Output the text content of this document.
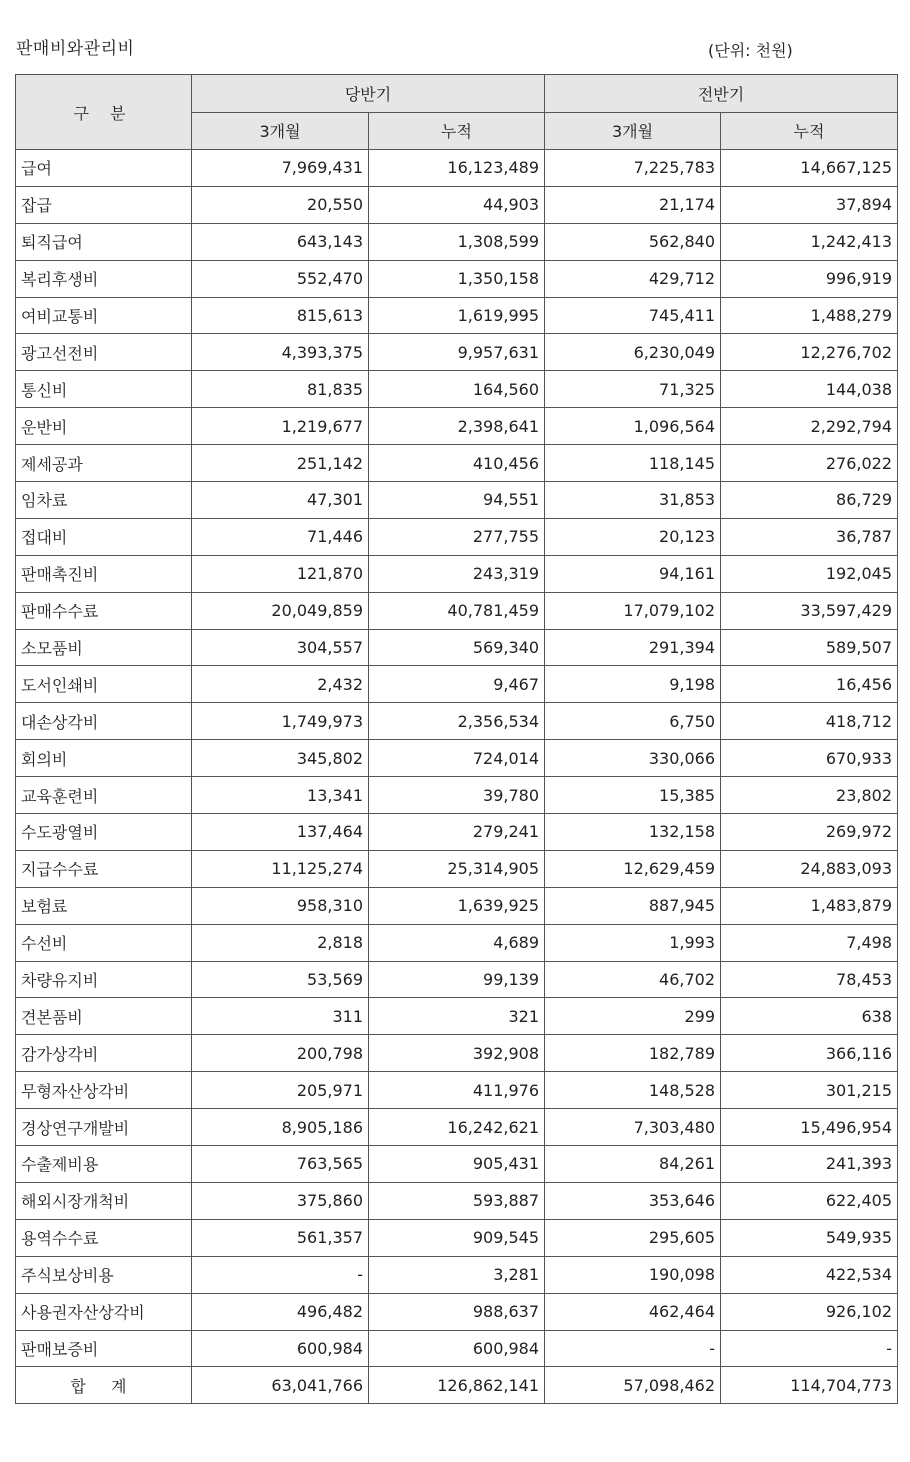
판매비와관리비	(단위: 천원)
구 분	당반기		전반기	
	3개월	누적	3개월	누적
급여	7,969,431	16,123,489	7,225,783	14,667,125
잡급	20,550	44,903	21,174	37,894
퇴직급여	643,143	1,308,599	562,840	1,242,413
복리후생비	552,470	1,350,158	429,712	996,919
여비교통비	815,613	1,619,995	745,411	1,488,279
광고선전비	4,393,375	9,957,631	6,230,049	12,276,702
통신비	81,835	164,560	71,325	144,038
운반비	1,219,677	2,398,641	1,096,564	2,292,794
제세공과	251,142	410,456	118,145	276,022
임차료	47,301	94,551	31,853	86,729
접대비	71,446	277,755	20,123	36,787
판매촉진비	121,870	243,319	94,161	192,045
판매수수료	20,049,859	40,781,459	17,079,102	33,597,429
소모품비	304,557	569,340	291,394	589,507
도서인쇄비	2,432	9,467	9,198	16,456
대손상각비	1,749,973	2,356,534	6,750	418,712
회의비	345,802	724,014	330,066	670,933
교육훈련비	13,341	39,780	15,385	23,802
수도광열비	137,464	279,241	132,158	269,972
지급수수료	11,125,274	25,314,905	12,629,459	24,883,093
보험료	958,310	1,639,925	887,945	1,483,879
수선비	2,818	4,689	1,993	7,498
차량유지비	53,569	99,139	46,702	78,453
견본품비	311	321	299	638
감가상각비	200,798	392,908	182,789	366,116
무형자산상각비	205,971	411,976	148,528	301,215
경상연구개발비	8,905,186	16,242,621	7,303,480	15,496,954
수출제비용	763,565	905,431	84,261	241,393
해외시장개척비	375,860	593,887	353,646	622,405
용역수수료	561,357	909,545	295,605	549,935
주식보상비용	-	3,281	190,098	422,534
사용권자산상각비	496,482	988,637	462,464	926,102
판매보증비	600,984	600,984	-	-
합 계	63,041,766	126,862,141	57,098,462	114,704,773
